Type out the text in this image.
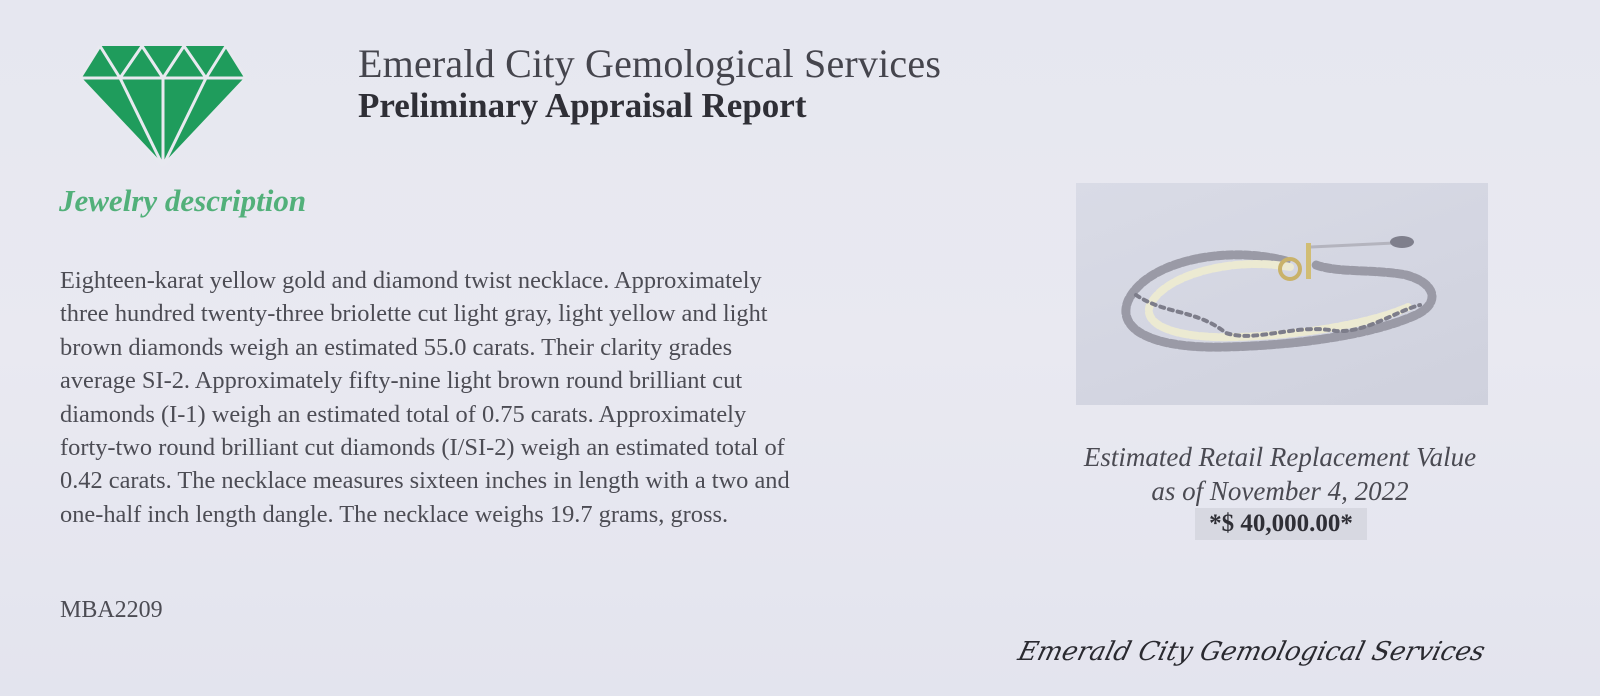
Emerald City Gemological Services
Preliminary Appraisal Report
Jewelry description
Eighteen-karat yellow gold and diamond twist necklace. Approximately
three hundred twenty-three briolette cut light gray, light yellow and light
brown diamonds weigh an estimated 55.0 carats. Their clarity grades
average SI-2. Approximately fifty-nine light brown round brilliant cut
diamonds (I-1) weigh an estimated total of 0.75 carats. Approximately
forty-two round brilliant cut diamonds (I/SI-2) weigh an estimated total of
0.42 carats. The necklace measures sixteen inches in length with a two and
one-half inch length dangle. The necklace weighs 19.7 grams, gross.
MBA2209
Estimated Retail Replacement Value
as of November 4, 2022
*$ 40,000.00*
Emerald City Gemological Services
